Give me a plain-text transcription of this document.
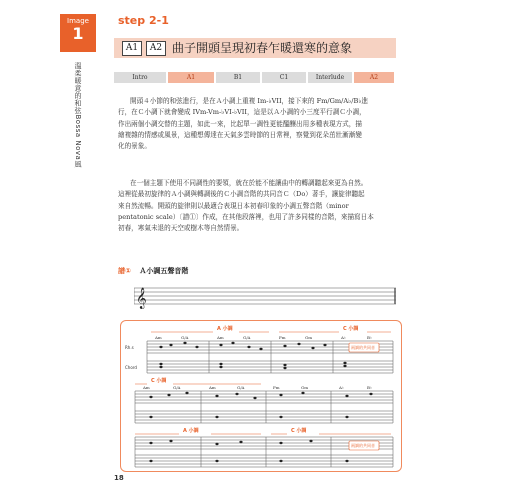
Image
1
溫柔暖意的和弦Bossa Nova風
step 2-1
A1	A2 曲子開頭呈現初春乍暖還寒的意象
Intro	A1	B1	C1	Interlude	A2
開頭４小節的和弦進行，是在Ａ小調上重複 Im-♭VII，接下來的 Fm/Gm/A♭/B♭進
行，在Ｃ小調下就會變成 IVm-Vm-♭VI-♭VII，這是以Ａ小調的小三度平行調Ｃ小調，
作出兩個小調交替的主題，如此一來，比起單一調性更能醞釀出用多種表現方式，描
繪複雜的情感或風景，這種想傳達在天氣多雲時節的日常裡，察覺到花朵茁壯漸漸變
化的景象。
在一個主題下使用不同調性的要領，就在於能不能讓曲中的轉調聽起來更為自然。
這裡從最初旋律的Ａ小調與轉調後的Ｃ小調音階的共同音Ｃ（Do）著手，讓旋律聽起
來自然流暢。開頭的旋律則以最適合表現日本初春印象的小調五聲音階（minor
pentatonic scale）〔譜①〕作成，在其他段落裡，也用了許多同樣的音階，來描寫日本
初春，寒氣未退的天空或樹木等自然情景。
譜① Ａ小調五聲音階
𝄞
Rh.s
Chord
Am	G/A	Am	G/A	Fm	Gm	A♭	B♭
Am	G/A	Am	G/A	Fm	Gm	A♭	B♭
A 小調	C 小調
C 小調
A 小調	C 小調
兩調的共同音
兩調的共同音
18
